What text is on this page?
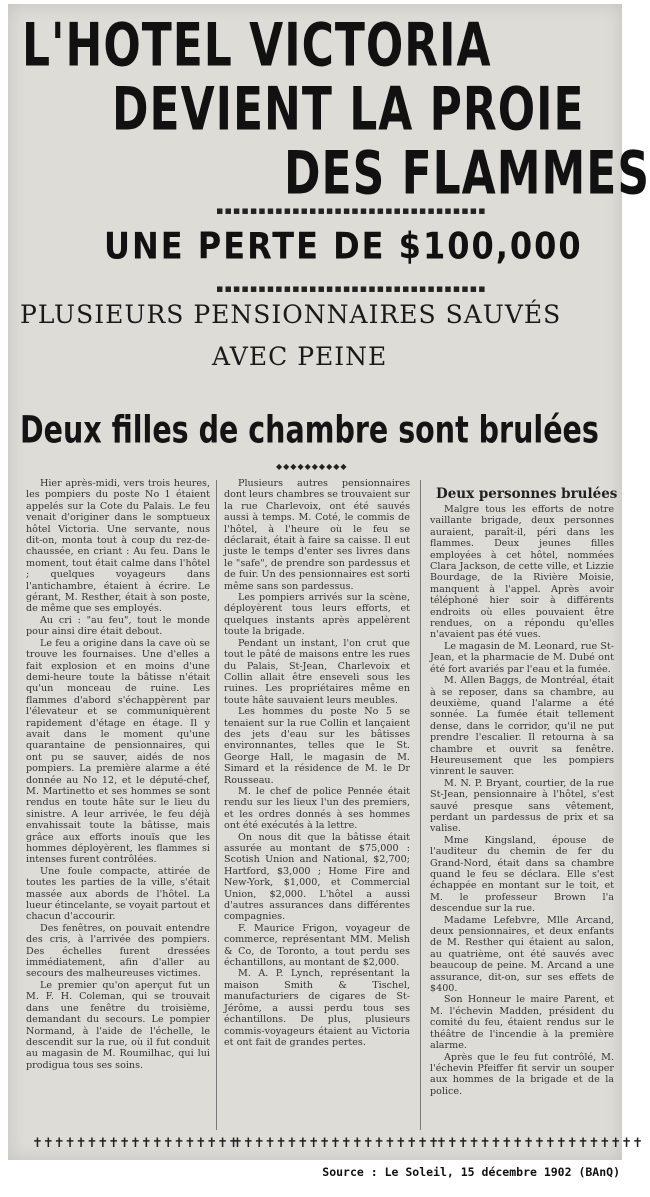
L'HOTEL VICTORIA
DEVIENT LA PROIE
DES FLAMMES
▪▪▪▪▪▪▪▪▪▪▪▪▪▪▪▪▪▪▪▪▪▪▪▪▪▪▪▪▪▪▪▪
UNE PERTE DE $100,000
▪▪▪▪▪▪▪▪▪▪▪▪▪▪▪▪▪▪▪▪▪▪▪▪▪▪▪▪▪▪▪▪
PLUSIEURS PENSIONNAIRES SAUVÉS
AVEC PEINE
Deux filles de chambre sont brulées
◆◆◆◆◆◆◆◆◆◆

Hier après-midi, vers trois heures, les pompiers du poste No 1 étaient appelés sur la Cote du Palais. Le feu venait d'originer dans le somptueux hôtel Victoria. Une servante, nous dit-on, monta tout à coup du rez-de-chaussée, en criant : Au feu. Dans le moment, tout était calme dans l'hôtel ; quelques voyageurs dans l'antichambre, étaient à écrire. Le gérant, M. Resther, était à son poste, de même que ses employés.

Au cri : "au feu", tout le monde pour ainsi dire était debout.

Le feu a origine dans la cave où se trouve les fournaises. Une d'elles a fait explosion et en moins d'une demi-heure toute la bâtisse n'était qu'un monceau de ruine. Les flammes d'abord s'échappèrent par l'élevateur et se communiquèrent rapidement d'étage en étage. Il y avait dans le moment qu'une quarantaine de pensionnaires, qui ont pu se sauver, aidés de nos pompiers. La première alarme a été donnée au No 12, et le député-chef, M. Martinetto et ses hommes se sont rendus en toute hâte sur le lieu du sinistre. A leur arrivée, le feu déjà envahissait toute la bâtisse, mais grâce aux efforts inouïs que les hommes déployèrent, les flammes si intenses furent contrôlées.

Une foule compacte, attirée de toutes les parties de la ville, s'était massée aux abords de l'hôtel. La lueur étincelante, se voyait partout et chacun d'accourir.

Des fenêtres, on pouvait entendre des cris, à l'arrivée des pompiers. Des échelles furent dressées immédiatement, afin d'aller au secours des malheureuses victimes.

Le premier qu'on aperçut fut un M. F. H. Coleman, qui se trouvait dans une fenêtre du troisième, demandant du secours. Le pompier Normand, à l'aide de l'échelle, le descendit sur la rue, où il fut conduit au magasin de M. Roumilhac, qui lui prodigua tous ses soins.

Plusieurs autres pensionnaires dont leurs chambres se trouvaient sur la rue Charlevoix, ont été sauvés aussi à temps. M. Coté, le commis de l'hôtel, à l'heure où le feu se déclarait, était à faire sa caisse. Il eut juste le temps d'enter ses livres dans le "safe", de prendre son pardessus et de fuir. Un des pensionnaires est sorti même sans son pardessus.

Les pompiers arrivés sur la scène, déployèrent tous leurs efforts, et quelques instants après appelèrent toute la brigade.

Pendant un instant, l'on crut que tout le pâté de maisons entre les rues du Palais, St-Jean, Charlevoix et Collin allait être enseveli sous les ruines. Les propriétaires même en toute hâte sauvaient leurs meubles.

Les hommes du poste No 5 se tenaient sur la rue Collin et lançaient des jets d'eau sur les bâtisses environnantes, telles que le St. George Hall, le magasin de M. Simard et la résidence de M. le Dr Rousseau.

M. le chef de police Pennée était rendu sur les lieux l'un des premiers, et les ordres donnés à ses hommes ont été exécutés à la lettre.

On nous dit que la bâtisse était assurée au montant de $75,000 : Scotish Union and National, $2,700; Hartford, $3,000 ; Home Fire and New-York, $1,000, et Commercial Union, $2,000. L'hôtel a aussi d'autres assurances dans différentes compagnies.

F. Maurice Frigon, voyageur de commerce, représentant MM. Melish & Co, de Toronto, a tout perdu ses échantillons, au montant de $2,000.

M. A. P. Lynch, représentant la maison Smith & Tischel, manufacturiers de cigares de St-Jérôme, a aussi perdu tous ses échantillons. De plus, plusieurs commis-voyageurs étaient au Victoria et ont fait de grandes pertes.

Deux personnes brulées

Malgre tous les efforts de notre vaillante brigade, deux personnes auraient, paraît-il, péri dans les flammes. Deux jeunes filles employées à cet hôtel, nommées Clara Jackson, de cette ville, et Lizzie Bourdage, de la Rivière Moisie, manquent à l'appel. Après avoir téléphoné hier soir à différents endroits où elles pouvaient être rendues, on a répondu qu'elles n'avaient pas été vues.

Le magasin de M. Leonard, rue St-Jean, et la pharmacie de M. Dubé ont été fort avariés par l'eau et la fumée.

M. Allen Baggs, de Montréal, était à se reposer, dans sa chambre, au deuxième, quand l'alarme a été sonnée. La fumée était tellement dense, dans le corridor, qu'il ne put prendre l'escalier. Il retourna à sa chambre et ouvrit sa fenêtre. Heureusement que les pompiers vinrent le sauver.

M. N. P. Bryant, courtier, de la rue St-Jean, pensionnaire à l'hôtel, s'est sauvé presque sans vêtement, perdant un pardessus de prix et sa valise.

Mme Kingsland, épouse de l'auditeur du chemin de fer du Grand-Nord, était dans sa chambre quand le feu se déclara. Elle s'est échappée en montant sur le toit, et M. le professeur Brown l'a descendue sur la rue.

Madame Lefebvre, Mlle Arcand, deux pensionnaires, et deux enfants de M. Resther qui étaient au salon, au quatrième, ont été sauvés avec beaucoup de peine. M. Arcand a une assurance, dit-on, sur ses effets de $400.

Son Honneur le maire Parent, et M. l'échevin Madden, président du comité du feu, étaient rendus sur le théâtre de l'incendie à la première alarme.

Après que le feu fut contrôlé, M. l'échevin Pfeiffer fit servir un souper aux hommes de la brigade et de la police.

✝✝✝✝✝✝✝✝✝✝✝✝✝✝✝✝✝✝✝
✝✝✝✝✝✝✝✝✝✝✝✝✝✝✝✝✝✝✝
✝✝✝✝✝✝✝✝✝✝✝✝✝✝✝✝✝✝✝
Source : Le Soleil, 15 décembre 1902 (BAnQ)
